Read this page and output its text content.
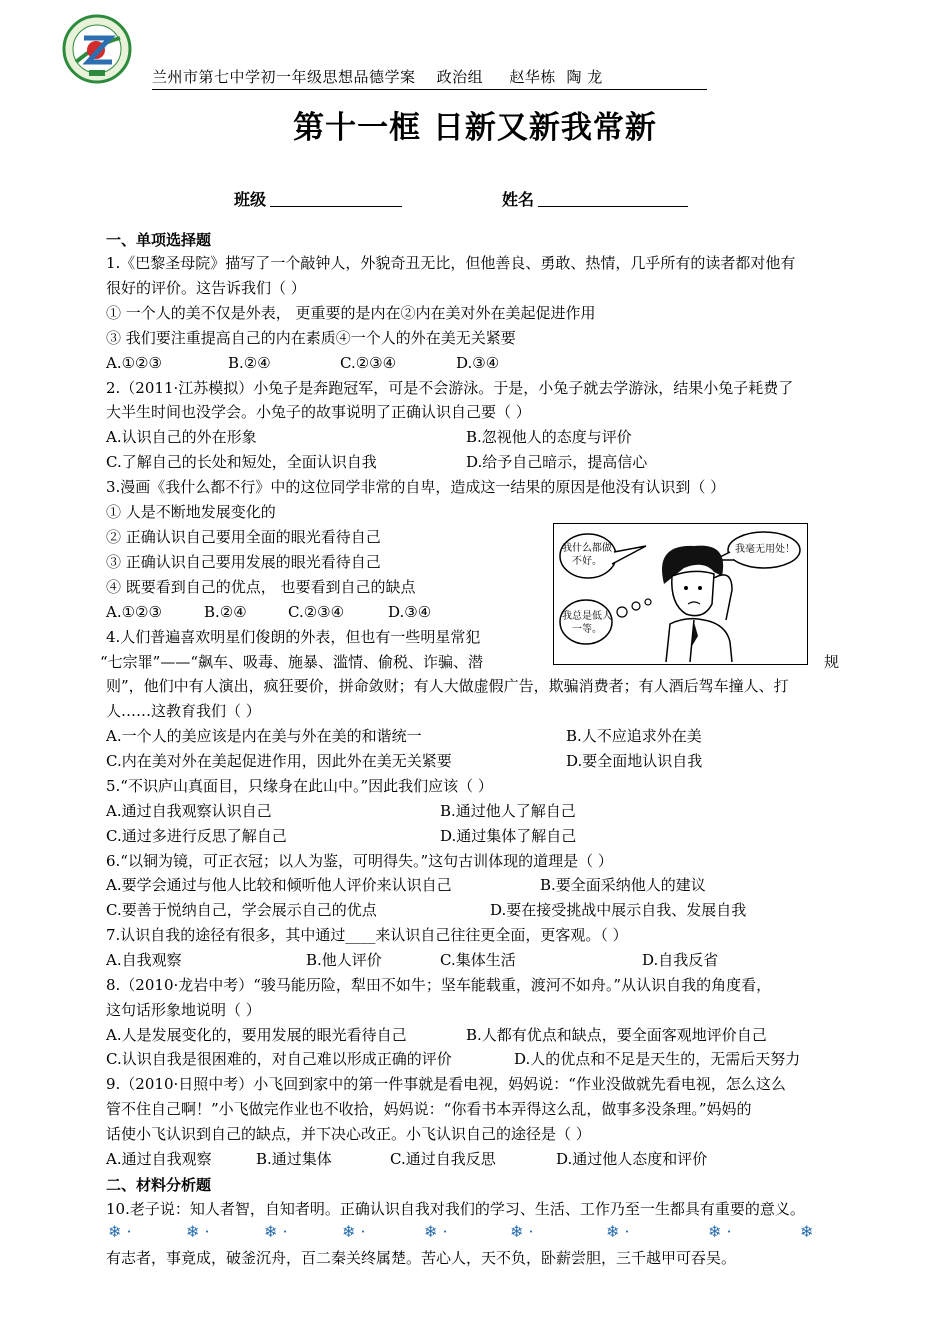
兰州市第七中学初一年级思想品德学案    政治组     赵华栋  陶 龙
第十一框 日新又新我常新
班级	姓名
一、单项选择题
1.《巴黎圣母院》描写了一个敲钟人，外貌奇丑无比，但他善良、勇敢、热情，几乎所有的读者都对他有
很好的评价。这告诉我们（ ）
① 一个人的美不仅是外表， 更重要的是内在②内在美对外在美起促进作用
③ 我们要注重提高自己的内在素质④一个人的外在美无关紧要
A.①②③	B.②④	C.②③④	D.③④
2.（2011·江苏模拟）小兔子是奔跑冠军，可是不会游泳。于是，小兔子就去学游泳，结果小兔子耗费了
大半生时间也没学会。小兔子的故事说明了正确认识自己要（ ）
A.认识自己的外在形象	B.忽视他人的态度与评价
C.了解自己的长处和短处，全面认识自我	D.给予自己暗示，提高信心
3.漫画《我什么都不行》中的这位同学非常的自卑，造成这一结果的原因是他没有认识到（ ）
① 人是不断地发展变化的
② 正确认识自己要用全面的眼光看待自己
③ 正确认识自己要用发展的眼光看待自己
④ 既要看到自己的优点， 也要看到自己的缺点
A.①②③	B.②④	C.②③④	D.③④
4.人们普遍喜欢明星们俊朗的外表，但也有一些明星常犯
“七宗罪”——“飙车、吸毒、施暴、滥情、偷税、诈骗、潜	规
则”，他们中有人演出，疯狂要价，拼命敛财；有人大做虚假广告，欺骗消费者；有人酒后驾车撞人、打
人……这教育我们（ ）
A.一个人的美应该是内在美与外在美的和谐统一	B.人不应追求外在美
C.内在美对外在美起促进作用，因此外在美无关紧要	D.要全面地认识自我
5.“不识庐山真面目，只缘身在此山中。”因此我们应该（ ）
A.通过自我观察认识自己	B.通过他人了解自己
C.通过多进行反思了解自己	D.通过集体了解自己
6.“以铜为镜，可正衣冠；以人为鉴，可明得失。”这句古训体现的道理是（ ）
A.要学会通过与他人比较和倾听他人评价来认识自己	B.要全面采纳他人的建议
C.要善于悦纳自己，学会展示自己的优点	D.要在接受挑战中展示自我、发展自我
7.认识自我的途径有很多，其中通过____来认识自己往往更全面，更客观。（ ）
A.自我观察	B.他人评价	C.集体生活	D.自我反省
8.（2010·龙岩中考）“骏马能历险，犁田不如牛；坚车能载重，渡河不如舟。”从认识自我的角度看，
这句话形象地说明（ ）
A.人是发展变化的，要用发展的眼光看待自己	B.人都有优点和缺点，要全面客观地评价自己
C.认识自我是很困难的，对自己难以形成正确的评价	D.人的优点和不足是天生的，无需后天努力
9.（2010·日照中考）小飞回到家中的第一件事就是看电视，妈妈说：“作业没做就先看电视，怎么这么
管不住自己啊！”小飞做完作业也不收拾，妈妈说：“你看书本弄得这么乱，做事多没条理。”妈妈的
话使小飞认识到自己的缺点，并下决心改正。小飞认识自己的途径是（ ）
A.通过自我观察	B.通过集体	C.通过自我反思	D.通过他人态度和评价
二、材料分析题
10.老子说：知人者智，自知者明。正确认识自我对我们的学习、生活、工作乃至一生都具有重要的意义。
❄ ·	❄ ·	❄ ·	❄ ·	❄ ·	❄ ·	❄ ·	❄ ·	❄
有志者，事竟成，破釜沉舟，百二秦关终属楚。苦心人，天不负，卧薪尝胆，三千越甲可吞吴。
我什么都做不好。
我毫无用处！
我总是低人一等。
